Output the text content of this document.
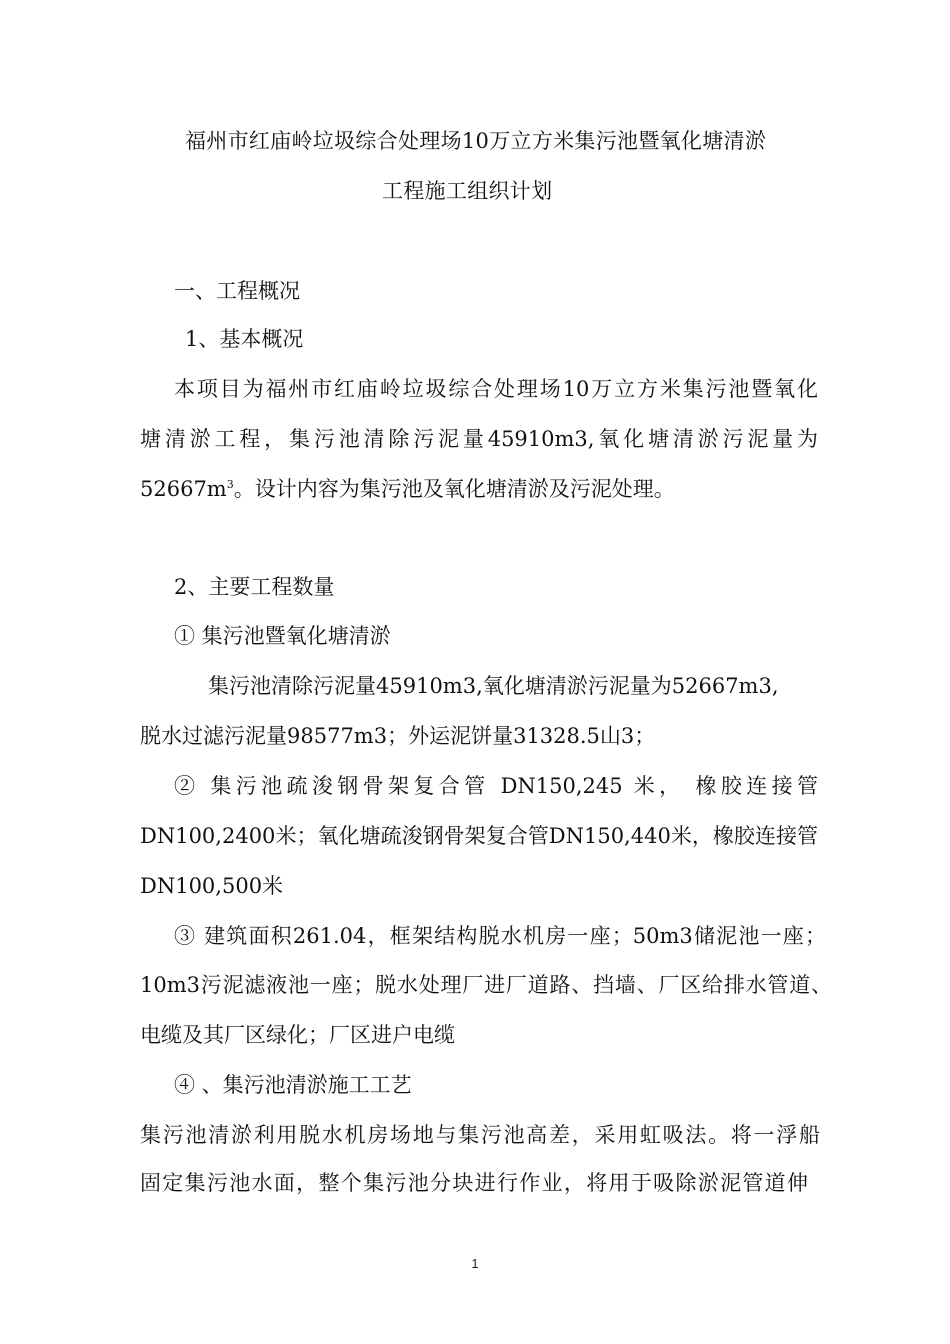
福州市红庙岭垃圾综合处理场10万立方米集污池暨氧化塘清淤
工程施工组织计划
一、工程概况
1、基本概况
本项目为福州市红庙岭垃圾综合处理场10万立方米集污池暨氧化
塘清淤工程，集污池清除污泥量45910m3,氧化塘清淤污泥量为
$52667m^3$。设计内容为集污池及氧化塘清淤及污泥处理。
2、主要工程数量
① 集污池暨氧化塘清淤
集污池清除污泥量45910m3,氧化塘清淤污泥量为52667m3,
脱水过滤污泥量98577m3；外运泥饼量31328.5山3；
② 集污池疏浚钢骨架复合管 DN150,245 米， 橡胶连接管
DN100,2400米；氧化塘疏浚钢骨架复合管DN150,440米，橡胶连接管
DN100,500米
③ 建筑面积261.04，框架结构脱水机房一座；50m3储泥池一座；
10m3污泥滤液池一座；脱水处理厂进厂道路、挡墙、厂区给排水管道、
电缆及其厂区绿化；厂区进户电缆
④ 、集污池清淤施工工艺
集污池清淤利用脱水机房场地与集污池高差，采用虹吸法。将一浮船
固定集污池水面，整个集污池分块进行作业，将用于吸除淤泥管道伸
1
